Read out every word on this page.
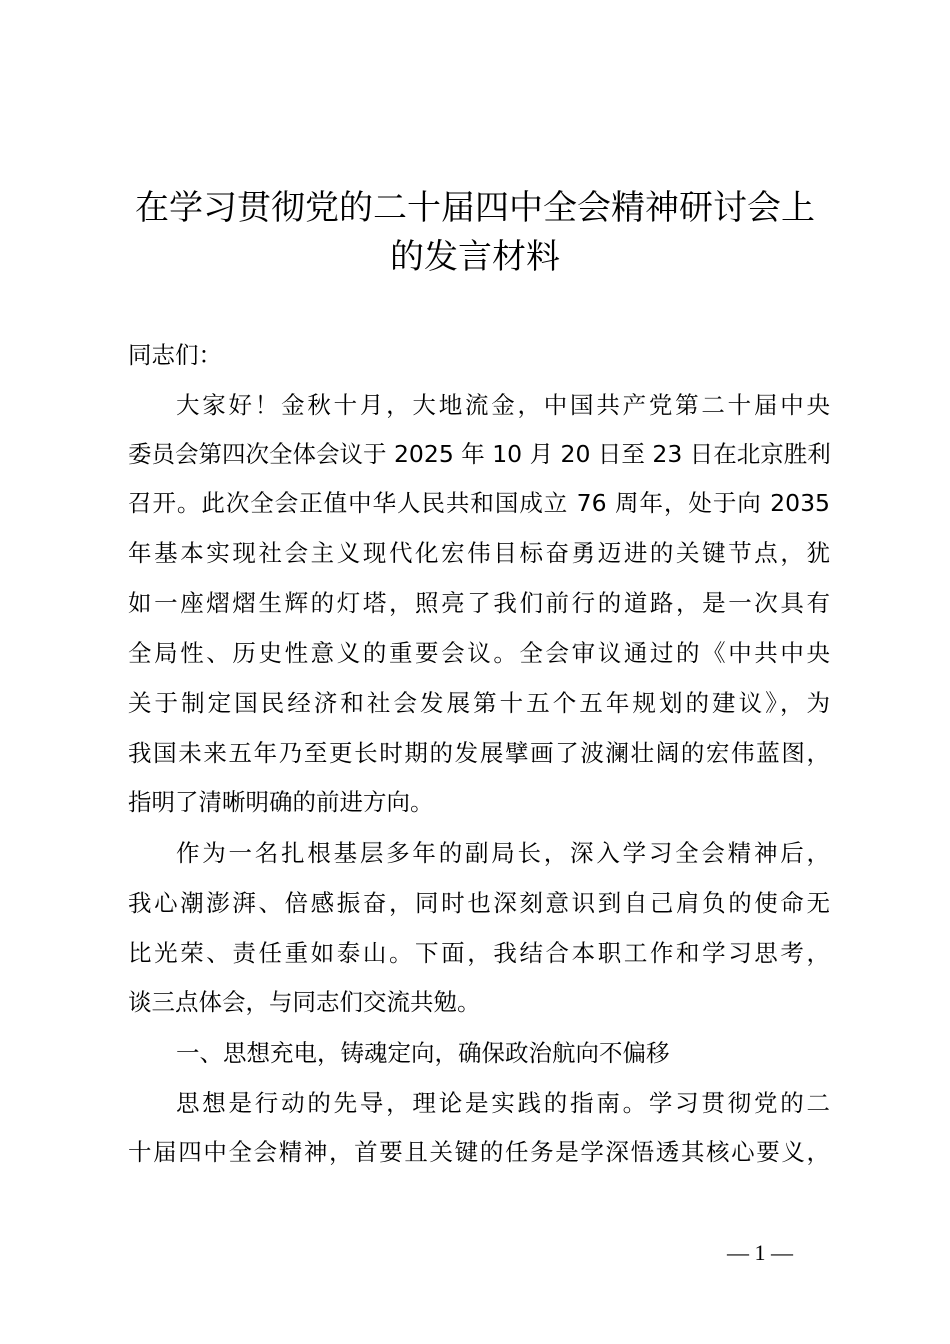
在学习贯彻党的二十届四中全会精神研讨会上
的发言材料
同志们：
大家好！金秋十月，大地流金，中国共产党第二十届中央
委员会第四次全体会议于 2025 年 10 月 20 日至 23 日在北京胜利
召开。此次全会正值中华人民共和国成立 76 周年，处于向 2035
年基本实现社会主义现代化宏伟目标奋勇迈进的关键节点，犹
如一座熠熠生辉的灯塔，照亮了我们前行的道路，是一次具有
全局性、历史性意义的重要会议。全会审议通过的《中共中央
关于制定国民经济和社会发展第十五个五年规划的建议》，为
我国未来五年乃至更长时期的发展擘画了波澜壮阔的宏伟蓝图，
指明了清晰明确的前进方向。
作为一名扎根基层多年的副局长，深入学习全会精神后，
我心潮澎湃、倍感振奋，同时也深刻意识到自己肩负的使命无
比光荣、责任重如泰山。下面，我结合本职工作和学习思考，
谈三点体会，与同志们交流共勉。
一、思想充电，铸魂定向，确保政治航向不偏移
思想是行动的先导，理论是实践的指南。学习贯彻党的二
十届四中全会精神，首要且关键的任务是学深悟透其核心要义，
— 1 —
